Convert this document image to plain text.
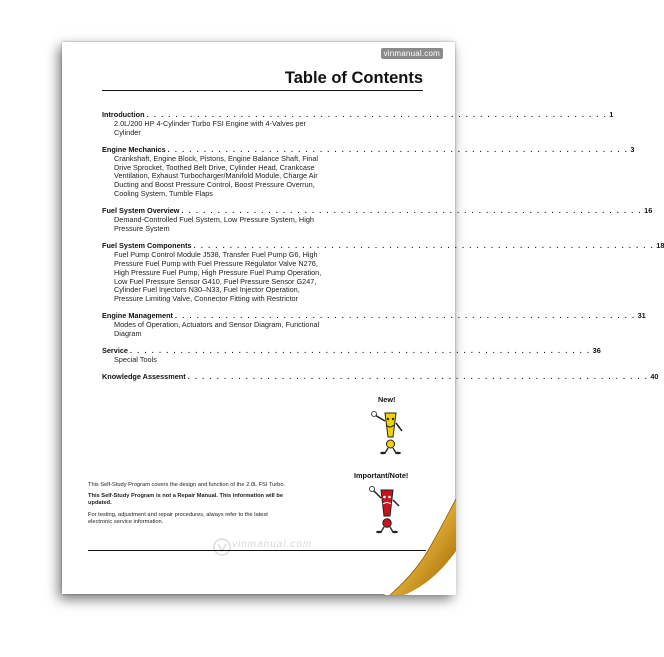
vinmanual.com
Table of Contents
Introduction . . . . . . . . . . . . . . . . . . . . . . . . . . . . . . . . . . . . . . . . . . . . . . . . . . . . . . . . . . . . . . . . 1
2.0L/200 HP 4-Cylinder Turbo FSI Engine with 4-Valves per Cylinder
Engine Mechanics . . . . . . . . . . . . . . . . . . . . . . . . . . . . . . . . . . . . . . . . . . . . . . . . . . . . . . . . . . . . . . . . 3
Crankshaft, Engine Block, Pistons, Engine Balance Shaft, Final Drive Sprocket, Toothed Belt Drive, Cylinder Head, Crankcase Ventilation, Exhaust Turbocharger/Manifold Module, Charge Air Ducting and Boost Pressure Control, Boost Pressure Overrun, Cooling System, Tumble Flaps
Fuel System Overview . . . . . . . . . . . . . . . . . . . . . . . . . . . . . . . . . . . . . . . . . . . . . . . . . . . . . . . . . . . . . . . . 16
Demand-Controlled Fuel System, Low Pressure System, High Pressure System
Fuel System Components . . . . . . . . . . . . . . . . . . . . . . . . . . . . . . . . . . . . . . . . . . . . . . . . . . . . . . . . . . . . . . . . 18
Fuel Pump Control Module J538, Transfer Fuel Pump G6, High Pressure Fuel Pump with Fuel Pressure Regulator Valve N276, High Pressure Fuel Pump, High Pressure Fuel Pump Operation, Low Fuel Pressure Sensor G410, Fuel Pressure Sensor G247, Cylinder Fuel Injectors N30–N33, Fuel Injector Operation, Pressure Limiting Valve, Connector Fitting with Restrictor
Engine Management . . . . . . . . . . . . . . . . . . . . . . . . . . . . . . . . . . . . . . . . . . . . . . . . . . . . . . . . . . . . . . . . 31
Modes of Operation, Actuators and Sensor Diagram, Functional Diagram
Service . . . . . . . . . . . . . . . . . . . . . . . . . . . . . . . . . . . . . . . . . . . . . . . . . . . . . . . . . . . . . . . . 36
Special Tools
Knowledge Assessment . . . . . . . . . . . . . . . . . . . . . . . . . . . . . . . . . . . . . . . . . . . . . . . . . . . . . . . . . . . . . . . . 40
New!
Important/Note!

This Self-Study Program covers the design and function of the 2.0L FSI Turbo.

This Self-Study Program is not a Repair Manual. This information will be updated.

For testing, adjustment and repair procedures, always refer to the latest electronic service information.

vinmanual.com
